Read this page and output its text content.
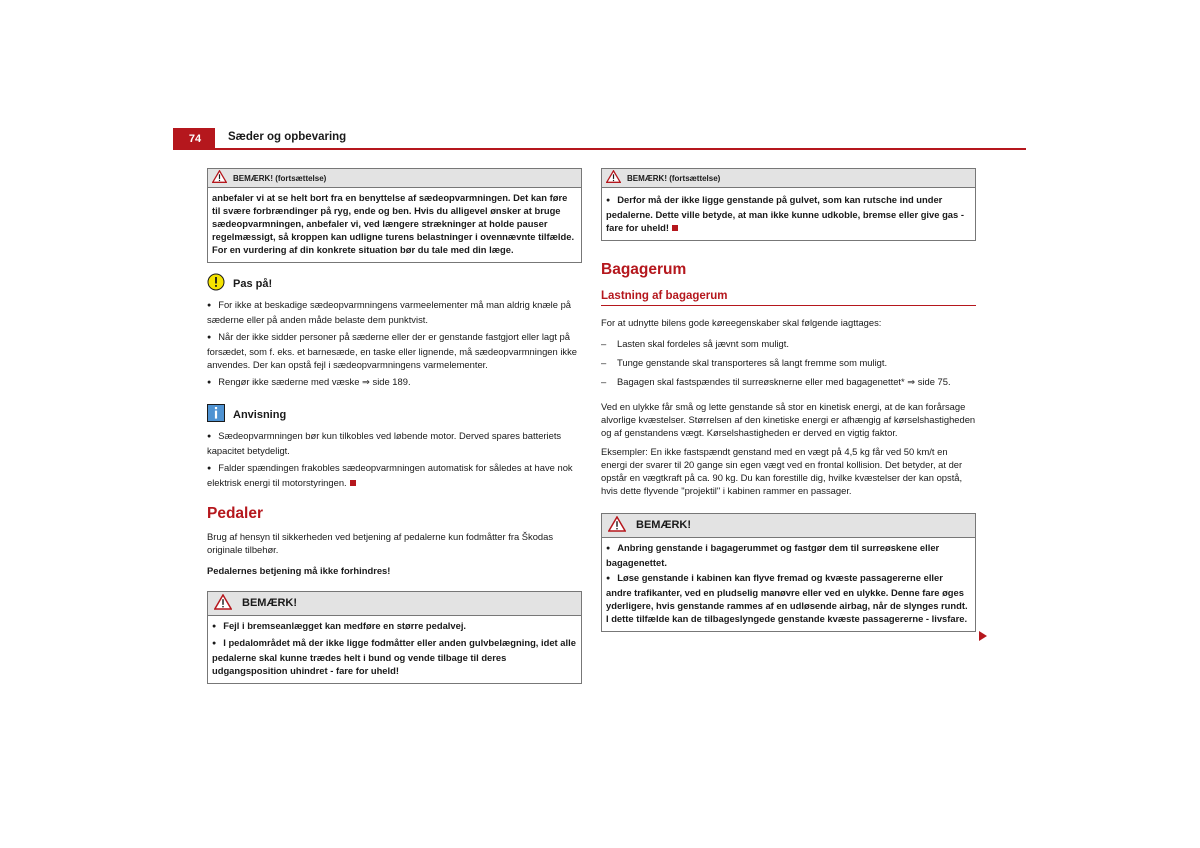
74	Sæder og opbevaring
BEMÆRK! (fortsættelse)

anbefaler vi at se helt bort fra en benyttelse af sædeopvarmningen. Det kan føre til svære forbrændinger på ryg, ende og ben. Hvis du alligevel ønsker at bruge sædeopvarmningen, anbefaler vi, ved længere strækninger at holde pauser regelmæssigt, så kroppen kan udligne turens belastninger i ovennævnte tilfælde. For en vurdering af din konkrete situation bør du tale med din læge.

Pas på!

● For ikke at beskadige sædeopvarmningens varmeelementer må man aldrig knæle på sæderne eller på anden måde belaste dem punktvist.

● Når der ikke sidder personer på sæderne eller der er genstande fastgjort eller lagt på forsædet, som f. eks. et barnesæde, en taske eller lignende, må sædeopvarmningen ikke anvendes. Der kan opstå fejl i sædeopvarmningens varmelementer.

● Rengør ikke sæderne med væske ⇒ side 189.

Anvisning

● Sædeopvarmningen bør kun tilkobles ved løbende motor. Derved spares batteriets kapacitet betydeligt.

● Falder spændingen frakobles sædeopvarmningen automatisk for således at have nok elektrisk energi til motorstyringen.

Pedaler

Brug af hensyn til sikkerheden ved betjening af pedalerne kun fodmåtter fra Škodas originale tilbehør.

Pedalernes betjening må ikke forhindres!

BEMÆRK!

● Fejl i bremseanlægget kan medføre en større pedalvej.

● I pedalområdet må der ikke ligge fodmåtter eller anden gulvbelægning, idet alle pedalerne skal kunne trædes helt i bund og vende tilbage til deres udgangsposition uhindret - fare for uheld!

BEMÆRK! (fortsættelse)

● Derfor må der ikke ligge genstande på gulvet, som kan rutsche ind under pedalerne. Dette ville betyde, at man ikke kunne udkoble, bremse eller give gas - fare for uheld!

Bagagerum
Lastning af bagagerum

For at udnytte bilens gode køreegenskaber skal følgende iagttages:

– Lasten skal fordeles så jævnt som muligt.

– Tunge genstande skal transporteres så langt fremme som muligt.

– Bagagen skal fastspændes til surreøsknerne eller med bagagenettet* ⇒ side 75.

Ved en ulykke får små og lette genstande så stor en kinetisk energi, at de kan forårsage alvorlige kvæstelser. Størrelsen af den kinetiske energi er afhængig af kørselshastigheden og af genstandens vægt. Kørselshastigheden er derved en vigtig faktor.

Eksempler: En ikke fastspændt genstand med en vægt på 4,5 kg får ved 50 km/t en energi der svarer til 20 gange sin egen vægt ved en frontal kollision. Det betyder, at der opstår en vægtkraft på ca. 90 kg. Du kan forestille dig, hvilke kvæstelser der kan opstå, hvis dette flyvende "projektil" i kabinen rammer en passager.

BEMÆRK!

● Anbring genstande i bagagerummet og fastgør dem til surreøskene eller bagagenettet.

● Løse genstande i kabinen kan flyve fremad og kvæste passagererne eller andre trafikanter, ved en pludselig manøvre eller ved en ulykke. Denne fare øges yderligere, hvis genstande rammes af en udløsende airbag, når de slynges rundt. I dette tilfælde kan de tilbageslyngede genstande kvæste passagererne - livsfare.
